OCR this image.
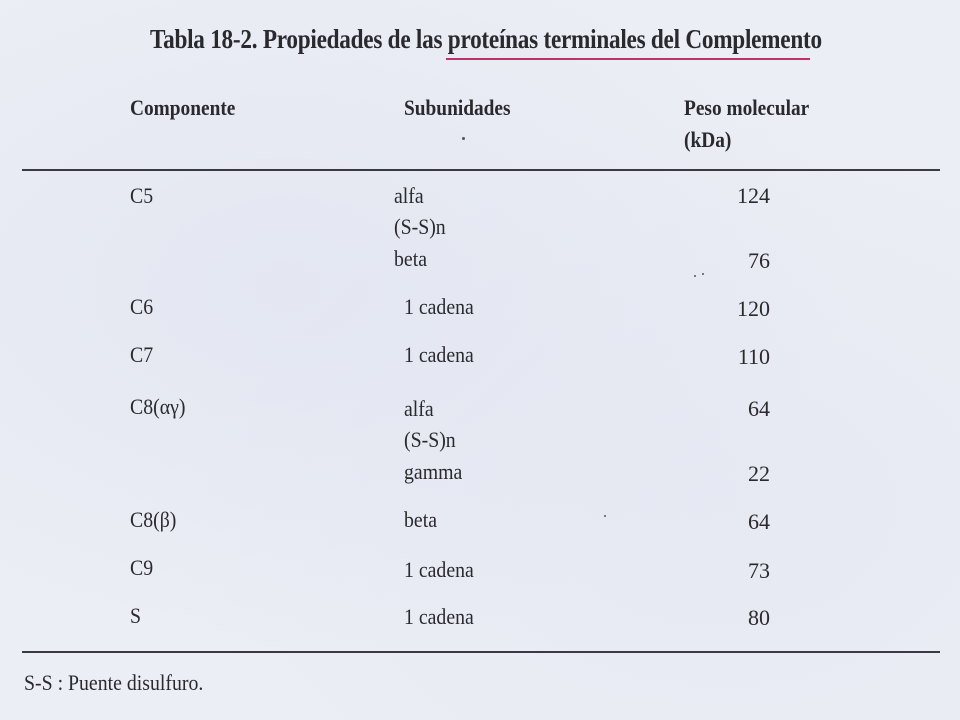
Tabla 18-2. Propiedades de las proteínas terminales del Complemento
Componente	Subunidades	Peso molecular
(kDa)
C5	alfa	124
(S-S)n
beta	76
C6	1 cadena	120
C7	1 cadena	110
C8(αγ)	alfa	64
(S-S)n
gamma	22
C8(β)	beta	64
C9	1 cadena	73
S	1 cadena	80
S-S : Puente disulfuro.
